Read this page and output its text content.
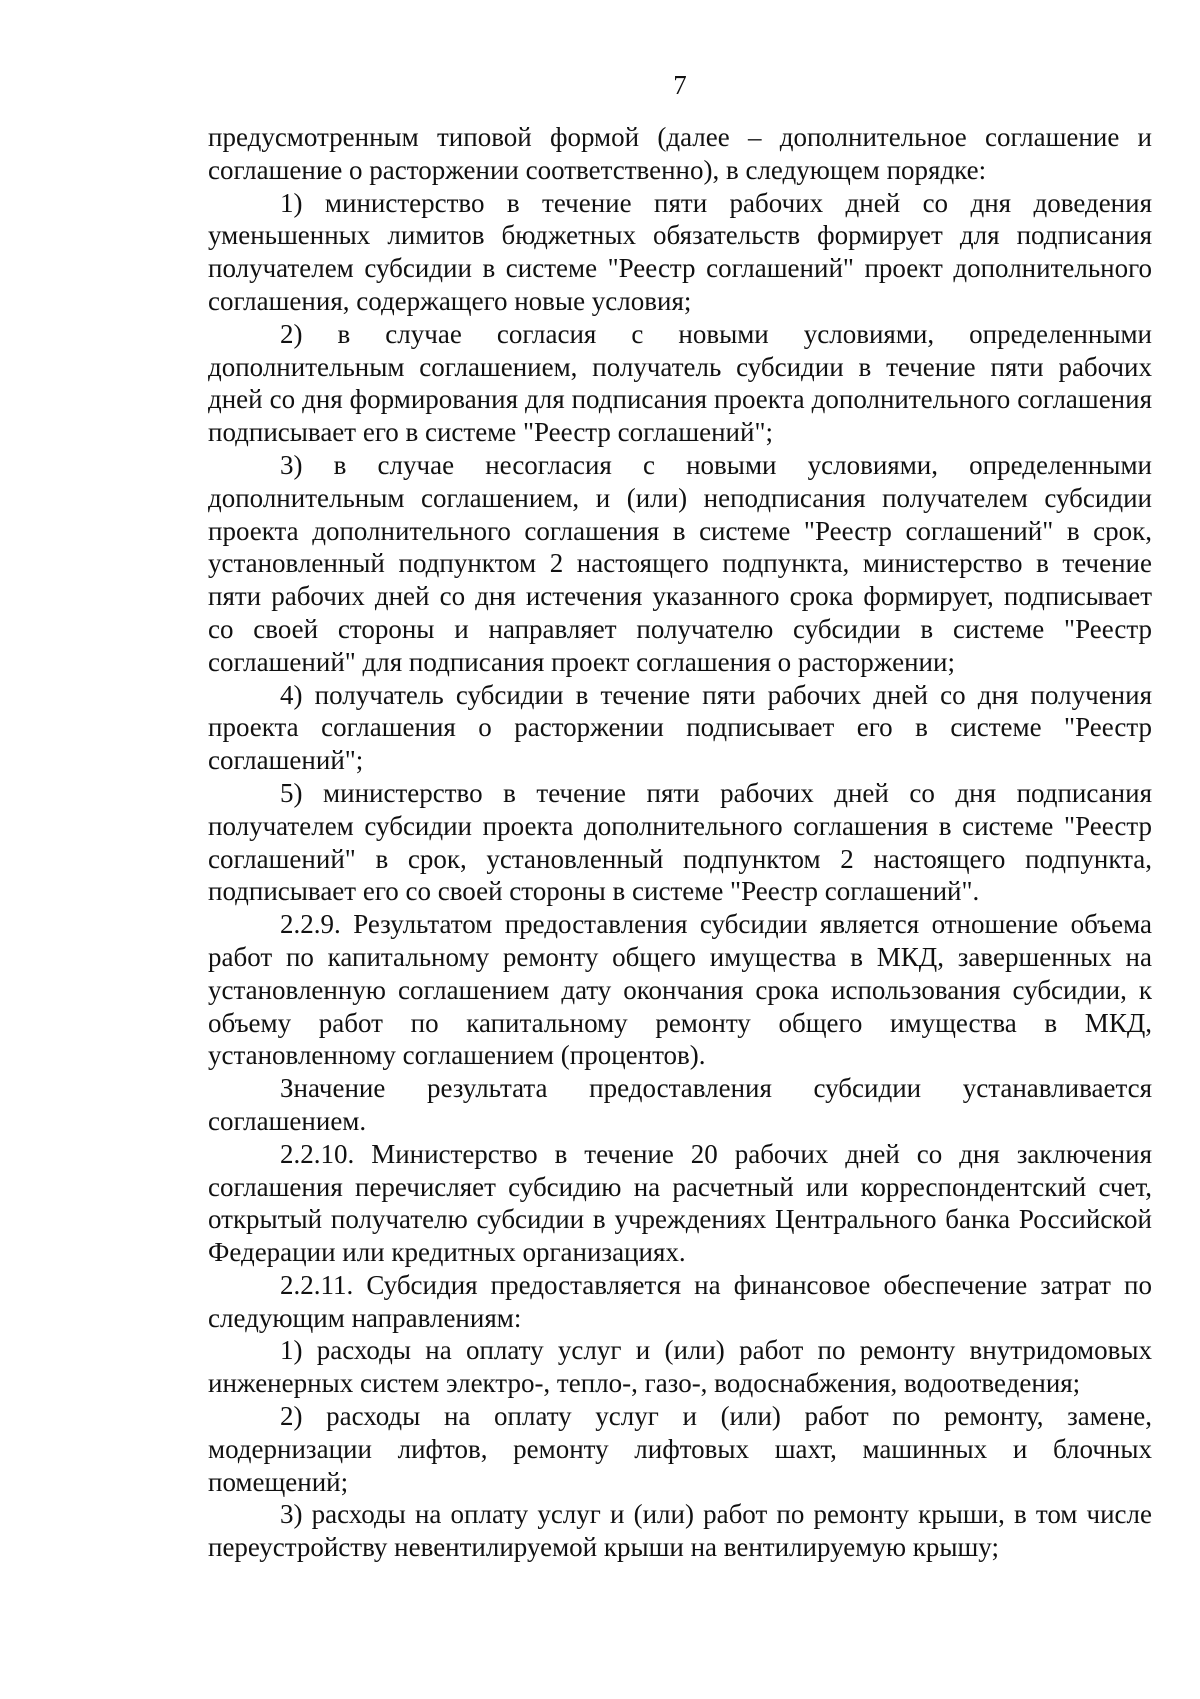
7

предусмотренным типовой формой (далее – дополнительное соглашение и соглашение о расторжении соответственно), в следующем порядке:

1) министерство в течение пяти рабочих дней со дня доведения уменьшенных лимитов бюджетных обязательств формирует для подписания получателем субсидии в системе "Реестр соглашений" проект дополнительного соглашения, содержащего новые условия;

2) в случае согласия с новыми условиями, определенными дополнительным соглашением, получатель субсидии в течение пяти рабочих дней со дня формирования для подписания проекта дополнительного соглашения подписывает его в системе "Реестр соглашений";

3) в случае несогласия с новыми условиями, определенными дополнительным соглашением, и (или) неподписания получателем субсидии проекта дополнительного соглашения в системе "Реестр соглашений" в срок, установленный подпунктом 2 настоящего подпункта, министерство в течение пяти рабочих дней со дня истечения указанного срока формирует, подписывает со своей стороны и направляет получателю субсидии в системе "Реестр соглашений" для подписания проект соглашения о расторжении;

4) получатель субсидии в течение пяти рабочих дней со дня получения проекта соглашения о расторжении подписывает его в системе "Реестр соглашений";

5) министерство в течение пяти рабочих дней со дня подписания получателем субсидии проекта дополнительного соглашения в системе "Реестр соглашений" в срок, установленный подпунктом 2 настоящего подпункта, подписывает его со своей стороны в системе "Реестр соглашений".

2.2.9. Результатом предоставления субсидии является отношение объема работ по капитальному ремонту общего имущества в МКД, завершенных на установленную соглашением дату окончания срока использования субсидии, к объему работ по капитальному ремонту общего имущества в МКД, установленному соглашением (процентов).

Значение результата предоставления субсидии устанавливается соглашением.

2.2.10. Министерство в течение 20 рабочих дней со дня заключения соглашения перечисляет субсидию на расчетный или корреспондентский счет, открытый получателю субсидии в учреждениях Центрального банка Российской Федерации или кредитных организациях.

2.2.11. Субсидия предоставляется на финансовое обеспечение затрат по следующим направлениям:

1) расходы на оплату услуг и (или) работ по ремонту внутридомовых инженерных систем электро-, тепло-, газо-, водоснабжения, водоотведения;

2) расходы на оплату услуг и (или) работ по ремонту, замене, модернизации лифтов, ремонту лифтовых шахт, машинных и блочных помещений;

3) расходы на оплату услуг и (или) работ по ремонту крыши, в том числе переустройству невентилируемой крыши на вентилируемую крышу;
